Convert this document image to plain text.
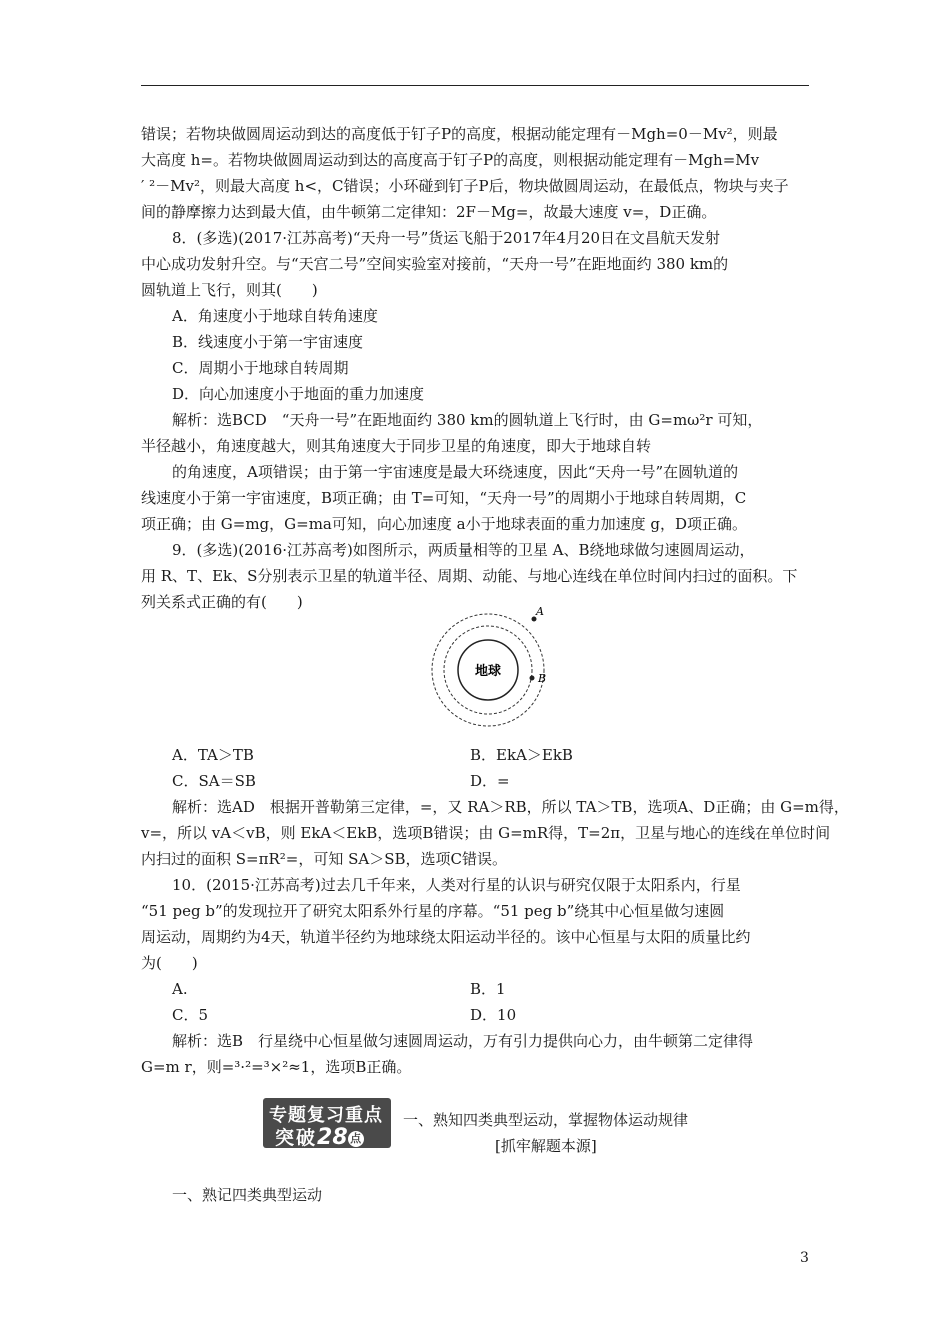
错误；若物块做圆周运动到达的高度低于钉子P的高度，根据动能定理有－Mgh=0－Mv²，则最
大高度 h=。若物块做圆周运动到达的高度高于钉子P的高度，则根据动能定理有－Mgh=Mv
′ ²－Mv²，则最大高度 h<，C错误；小环碰到钉子P后，物块做圆周运动，在最低点，物块与夹子
间的静摩擦力达到最大值，由牛顿第二定律知：2F－Mg=，故最大速度 v=，D正确。
8．(多选)(2017·江苏高考)“天舟一号”货运飞船于2017年4月20日在文昌航天发射
中心成功发射升空。与“天宫二号”空间实验室对接前，“天舟一号”在距地面约 380 km的
圆轨道上飞行，则其(　　)
A．角速度小于地球自转角速度
B．线速度小于第一宇宙速度
C．周期小于地球自转周期
D．向心加速度小于地面的重力加速度
解析：选BCD　“天舟一号”在距地面约 380 km的圆轨道上飞行时，由 G=mω²r 可知，
半径越小，角速度越大，则其角速度大于同步卫星的角速度，即大于地球自转
的角速度，A项错误；由于第一宇宙速度是最大环绕速度，因此“天舟一号”在圆轨道的
线速度小于第一宇宙速度，B项正确；由 T=可知，“天舟一号”的周期小于地球自转周期，C
项正确；由 G=mg，G=ma可知，向心加速度 a小于地球表面的重力加速度 g，D项正确。
9．(多选)(2016·江苏高考)如图所示，两质量相等的卫星 A、B绕地球做匀速圆周运动，
用 R、T、Ek、S分别表示卫星的轨道半径、周期、动能、与地心连线在单位时间内扫过的面积。下
列关系式正确的有(　　)
A．TA＞TB	B．EkA＞EkB
C．SA＝SB	D．=
解析：选AD　根据开普勒第三定律，=，又 RA＞RB，所以 TA＞TB，选项A、D正确；由 G=m得，
v=，所以 vA＜vB，则 EkA＜EkB，选项B错误；由 G=mR得，T=2π，卫星与地心的连线在单位时间
内扫过的面积 S=πR²=，可知 SA＞SB，选项C错误。
10．(2015·江苏高考)过去几千年来，人类对行星的认识与研究仅限于太阳系内，行星
“51 peg b”的发现拉开了研究太阳系外行星的序幕。“51 peg b”绕其中心恒星做匀速圆
周运动，周期约为4天，轨道半径约为地球绕太阳运动半径的。该中心恒星与太阳的质量比约
为(　　)
A.	B．1
C．5	D．10
解析：选B　行星绕中心恒星做匀速圆周运动，万有引力提供向心力，由牛顿第二定律得
G=m r，则=³·²=³×²≈1，选项B正确。
一、熟知四类典型运动，掌握物体运动规律
[抓牢解题本源]
一、熟记四类典型运动
地球
A
B
专题复习重点
突破28 点
3
